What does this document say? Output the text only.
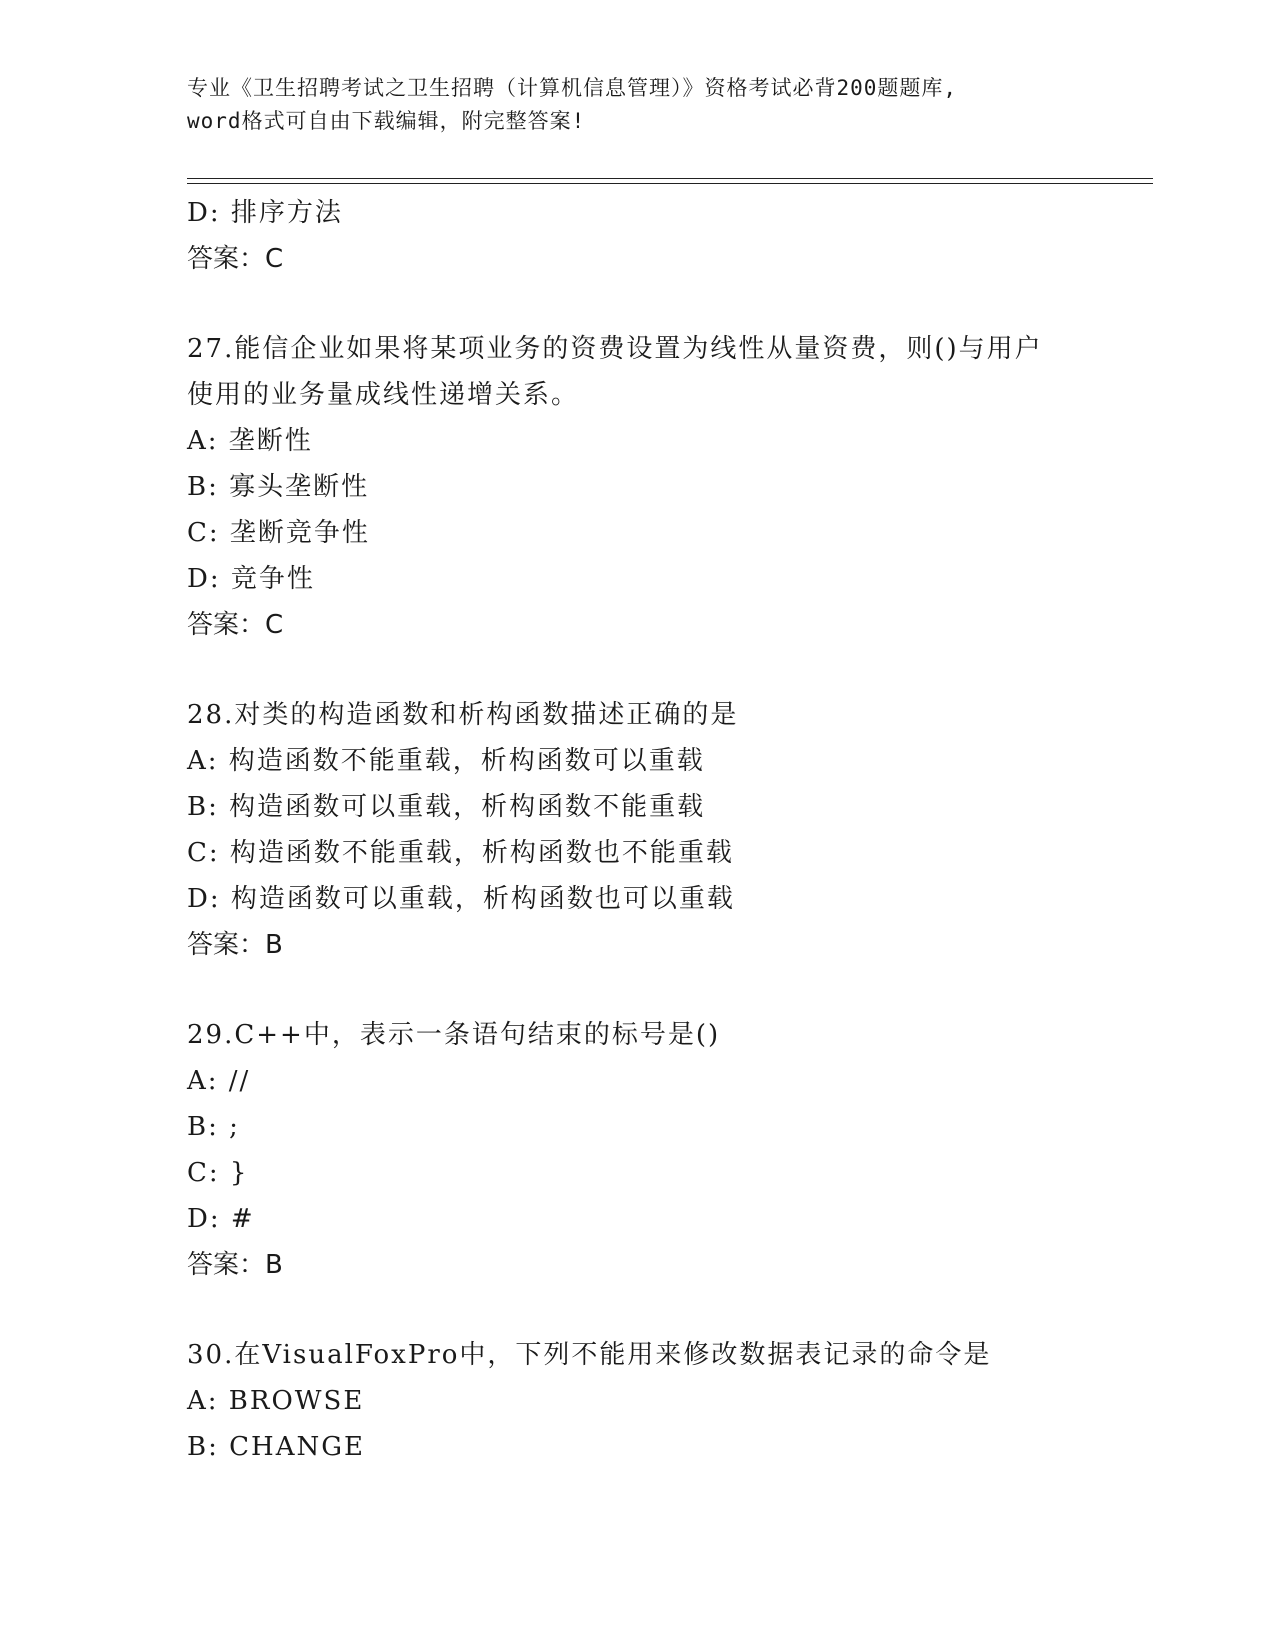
专业《卫生招聘考试之卫生招聘（计算机信息管理）》资格考试必背200题题库,
word格式可自由下载编辑，附完整答案!
D: 排序方法
答案：C
27.能信企业如果将某项业务的资费设置为线性从量资费，则()与用户使用的业务量成线性递增关系。
A: 垄断性
B: 寡头垄断性
C: 垄断竞争性
D: 竞争性
答案：C
28.对类的构造函数和析构函数描述正确的是
A: 构造函数不能重载，析构函数可以重载
B: 构造函数可以重载，析构函数不能重载
C: 构造函数不能重载，析构函数也不能重载
D: 构造函数可以重载，析构函数也可以重载
答案：B
29.C++中，表示一条语句结束的标号是()
A: //
B: ;
C: }
D: #
答案：B
30.在VisualFoxPro中，下列不能用来修改数据表记录的命令是
A: BROWSE
B: CHANGE
